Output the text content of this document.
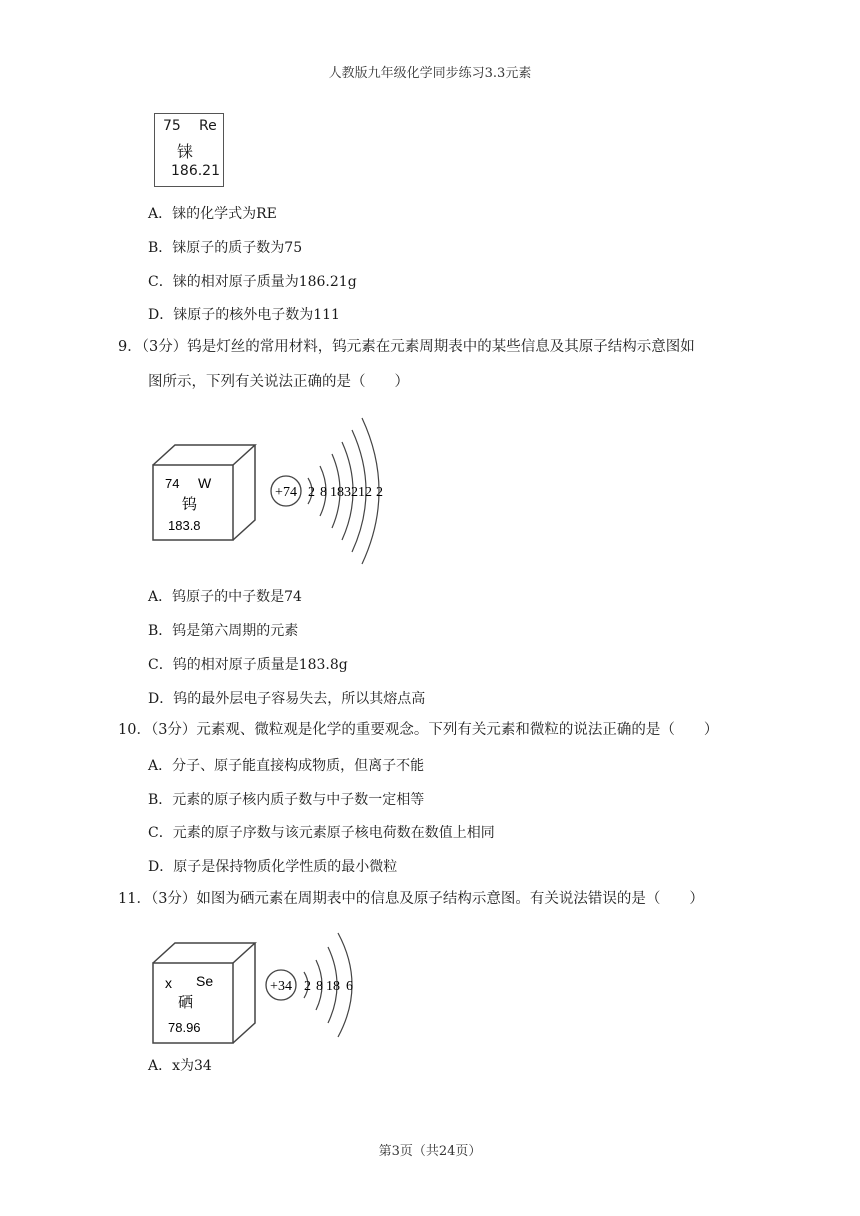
人教版九年级化学同步练习3.3元素
75 Re
铼
186.21
A．铼的化学式为RE
B．铼原子的质子数为75
C．铼的相对原子质量为186.21g
D．铼原子的核外电子数为111
9．（3分）钨是灯丝的常用材料，钨元素在元素周期表中的某些信息及其原子结构示意图如
图所示，下列有关说法正确的是（　　）
74 W
钨
183.8
+74 2 8 18 32 12 2
A．钨原子的中子数是74
B．钨是第六周期的元素
C．钨的相对原子质量是183.8g
D．钨的最外层电子容易失去，所以其熔点高
10．（3分）元素观、微粒观是化学的重要观念。下列有关元素和微粒的说法正确的是（　　）
A．分子、原子能直接构成物质，但离子不能
B．元素的原子核内质子数与中子数一定相等
C．元素的原子序数与该元素原子核电荷数在数值上相同
D．原子是保持物质化学性质的最小微粒
11．（3分）如图为硒元素在周期表中的信息及原子结构示意图。有关说法错误的是（　　）
x Se
硒
78.96
+34 2 8 18 6
A．x为34
第3页（共24页）
